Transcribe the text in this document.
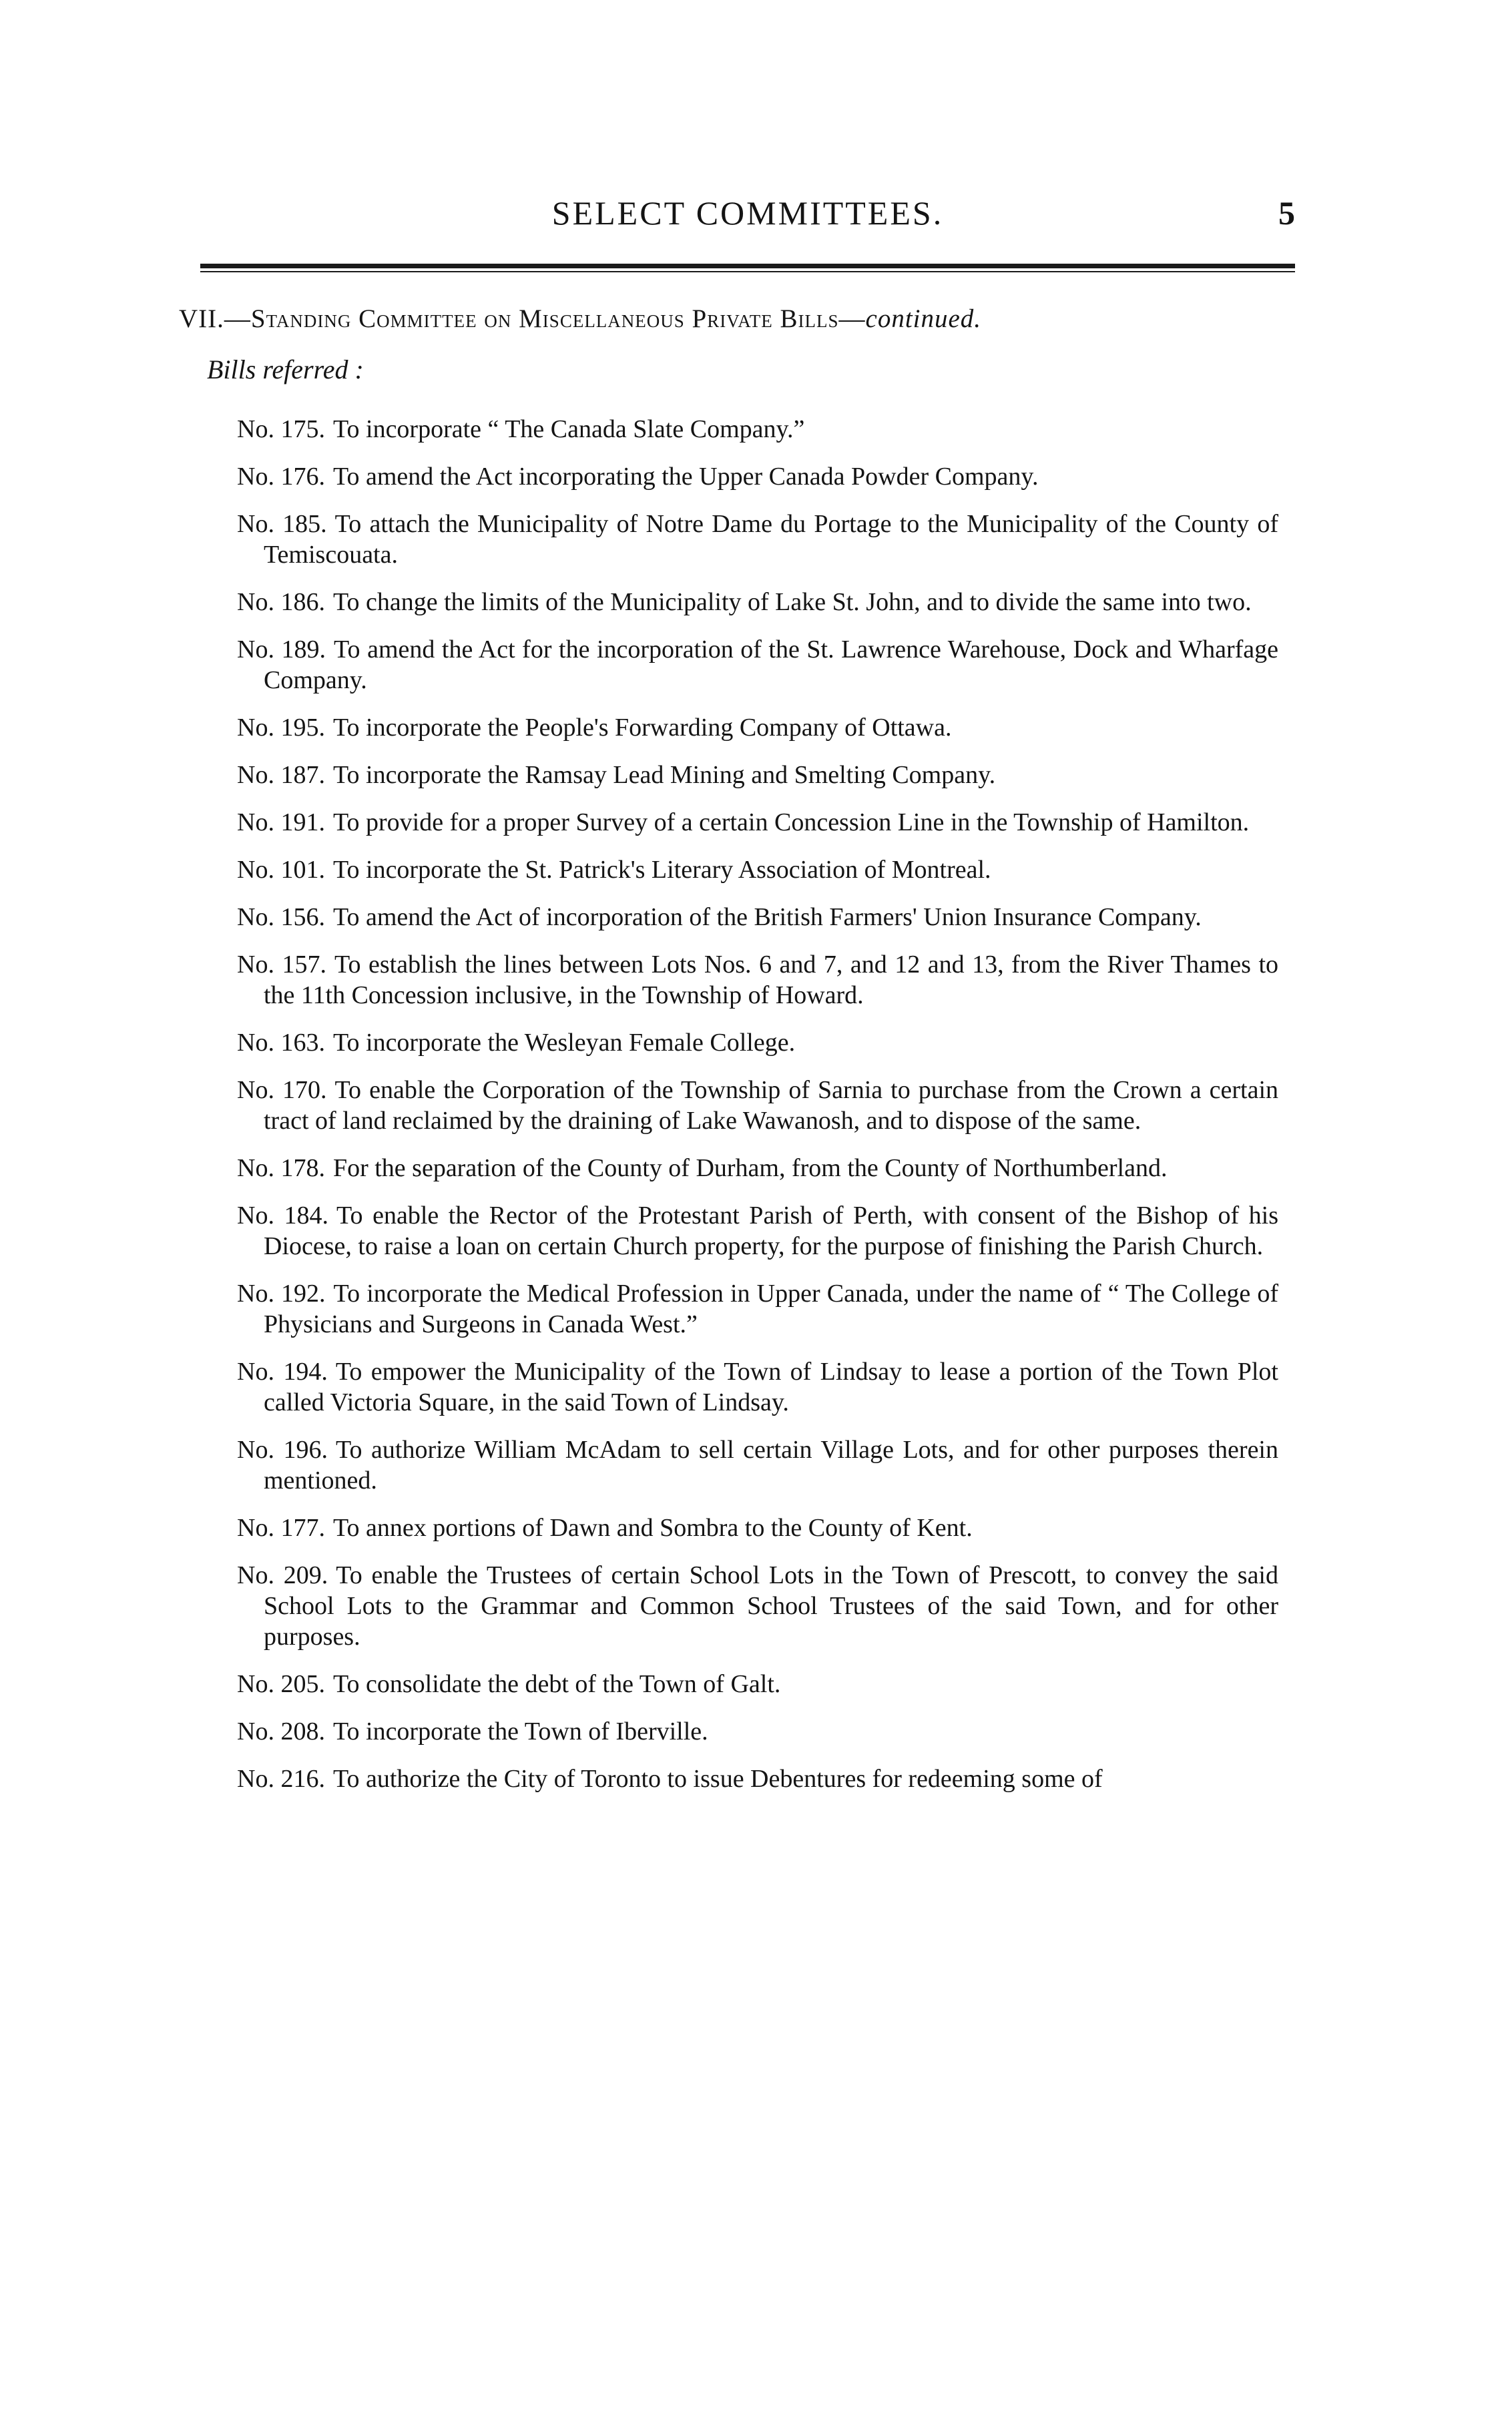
SELECT COMMITTEES.	5
VII.—Standing Committee on Miscellaneous Private Bills—continued.
Bills referred :
No. 175. To incorporate “ The Canada Slate Company.”
No. 176. To amend the Act incorporating the Upper Canada Powder Company.
No. 185. To attach the Municipality of Notre Dame du Portage to the Municipality of the County of Temiscouata.
No. 186. To change the limits of the Municipality of Lake St. John, and to divide the same into two.
No. 189. To amend the Act for the incorporation of the St. Lawrence Warehouse, Dock and Wharfage Company.
No. 195. To incorporate the People's Forwarding Company of Ottawa.
No. 187. To incorporate the Ramsay Lead Mining and Smelting Company.
No. 191. To provide for a proper Survey of a certain Concession Line in the Township of Hamilton.
No. 101. To incorporate the St. Patrick's Literary Association of Montreal.
No. 156. To amend the Act of incorporation of the British Farmers' Union Insurance Company.
No. 157. To establish the lines between Lots Nos. 6 and 7, and 12 and 13, from the River Thames to the 11th Concession inclusive, in the Township of Howard.
No. 163. To incorporate the Wesleyan Female College.
No. 170. To enable the Corporation of the Township of Sarnia to purchase from the Crown a certain tract of land reclaimed by the draining of Lake Wawanosh, and to dispose of the same.
No. 178. For the separation of the County of Durham, from the County of Northumberland.
No. 184. To enable the Rector of the Protestant Parish of Perth, with consent of the Bishop of his Diocese, to raise a loan on certain Church property, for the purpose of finishing the Parish Church.
No. 192. To incorporate the Medical Profession in Upper Canada, under the name of “ The College of Physicians and Surgeons in Canada West.”
No. 194. To empower the Municipality of the Town of Lindsay to lease a portion of the Town Plot called Victoria Square, in the said Town of Lindsay.
No. 196. To authorize William McAdam to sell certain Village Lots, and for other purposes therein mentioned.
No. 177. To annex portions of Dawn and Sombra to the County of Kent.
No. 209. To enable the Trustees of certain School Lots in the Town of Prescott, to convey the said School Lots to the Grammar and Common School Trustees of the said Town, and for other purposes.
No. 205. To consolidate the debt of the Town of Galt.
No. 208. To incorporate the Town of Iberville.
No. 216. To authorize the City of Toronto to issue Debentures for redeeming some of
